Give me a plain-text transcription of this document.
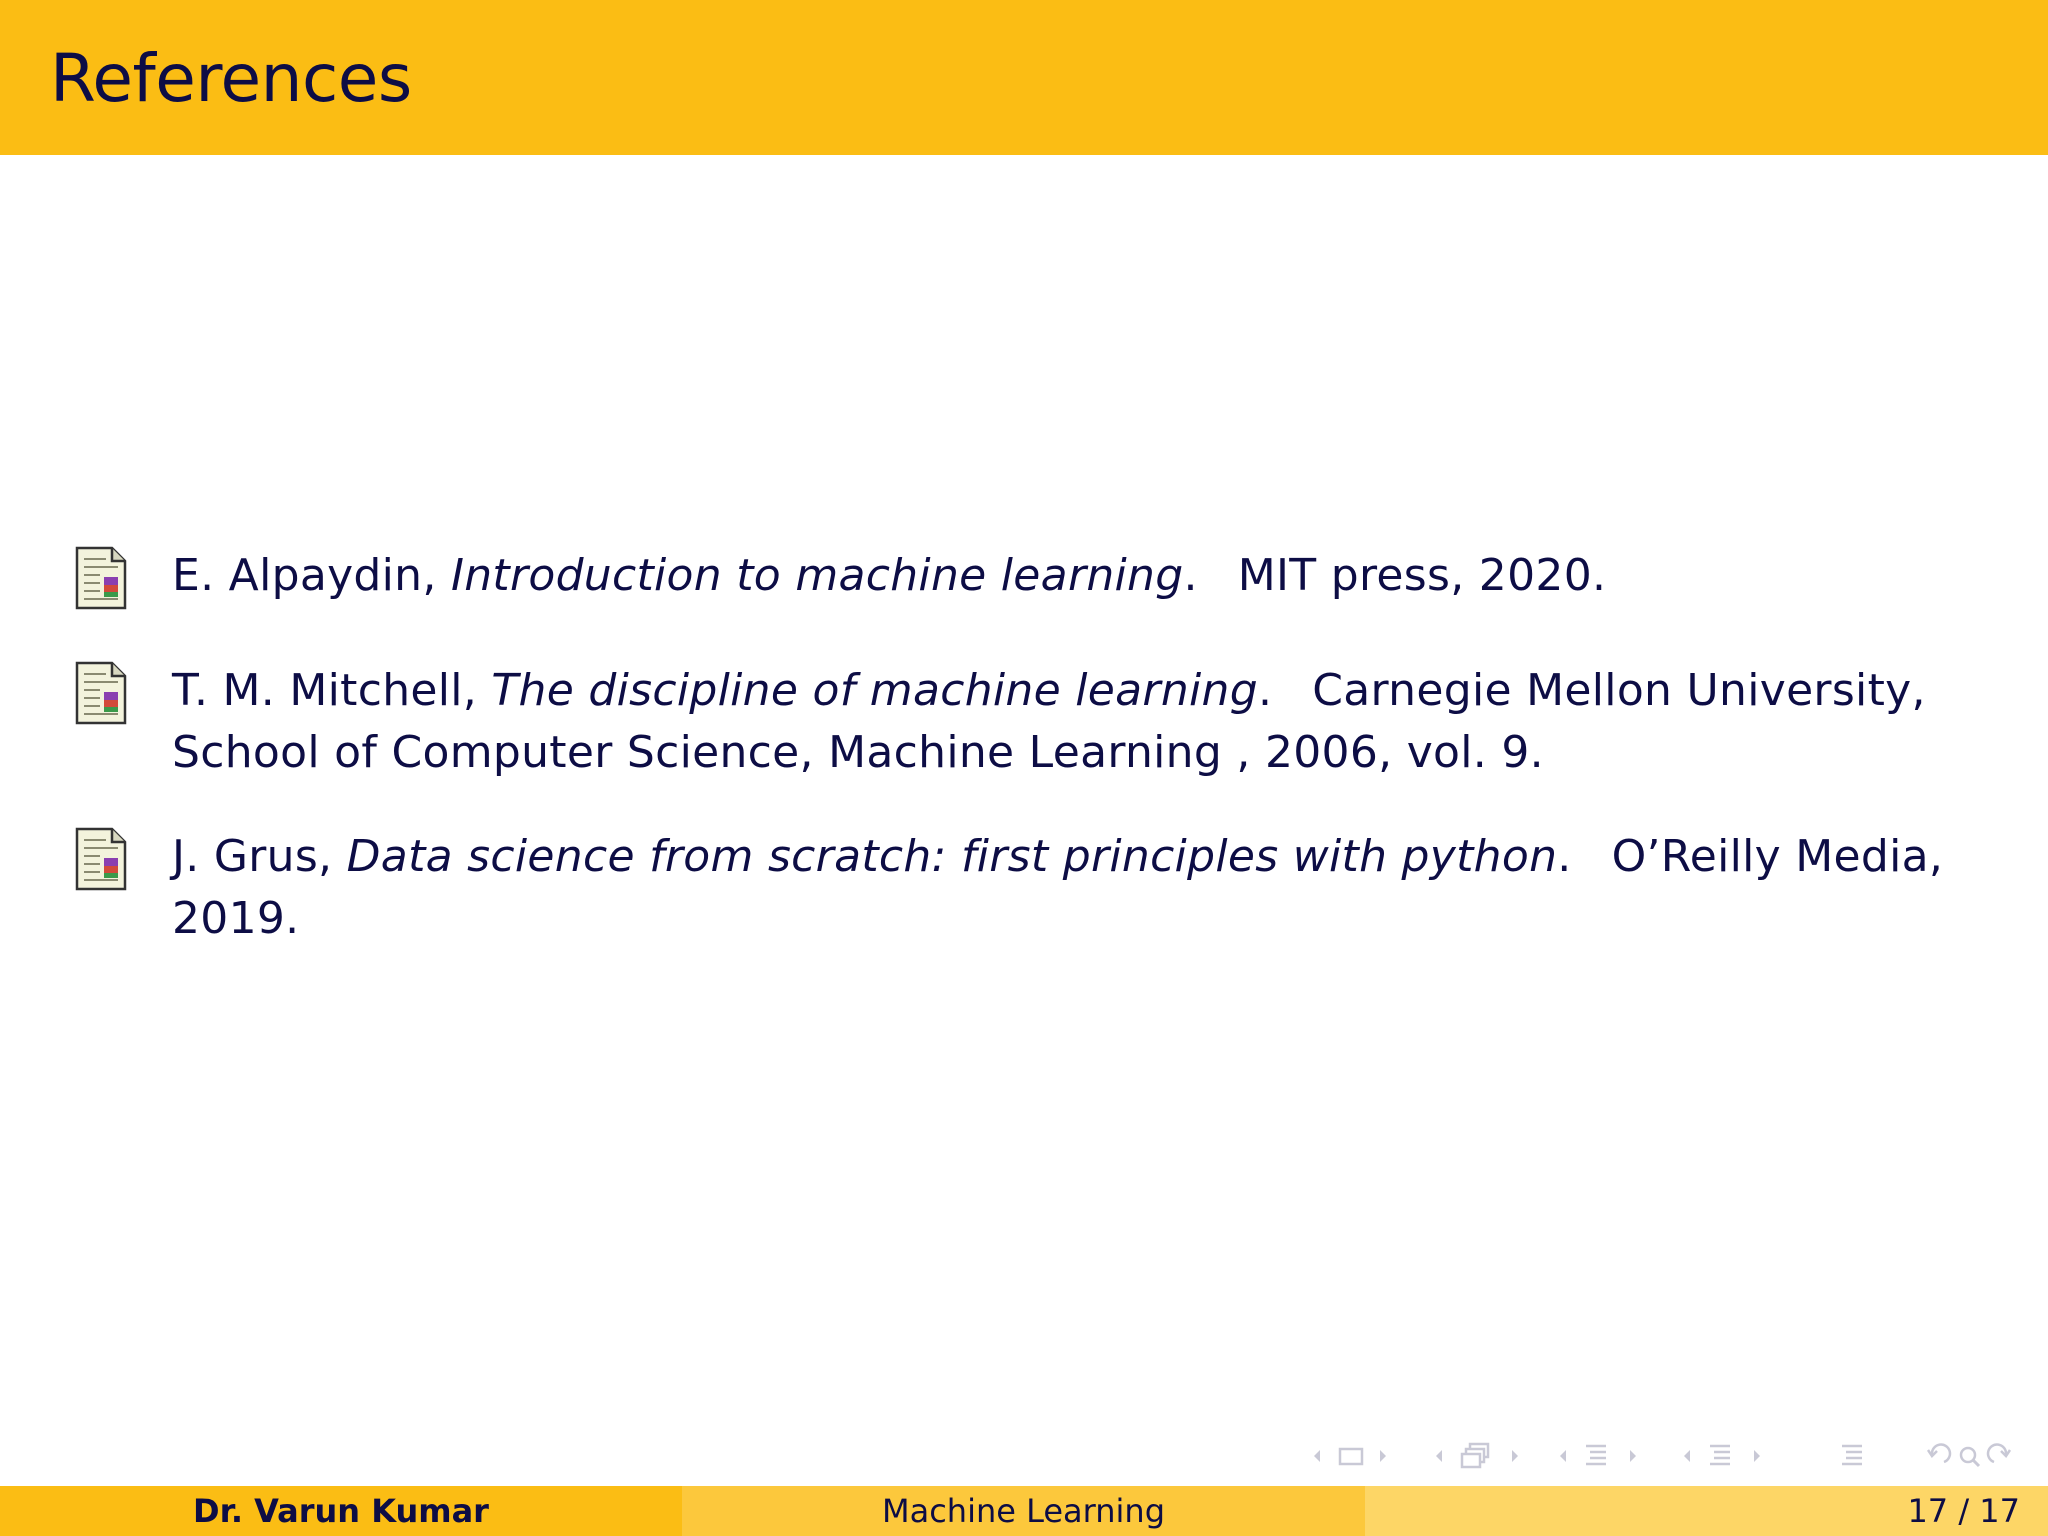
References
E. Alpaydin, Introduction to machine learning. MIT press, 2020.
T. M. Mitchell, The discipline of machine learning. Carnegie Mellon University, School of Computer Science, Machine Learning , 2006, vol. 9.
J. Grus, Data science from scratch: first principles with python. O’Reilly Media, 2019.
Dr. Varun Kumar	Machine Learning	17 / 17
